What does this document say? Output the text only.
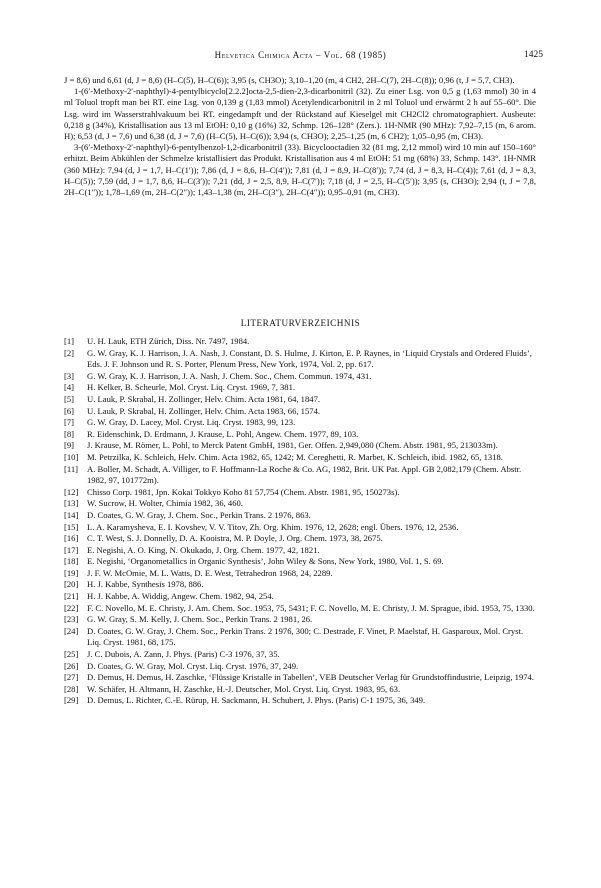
Helvetica Chimica Acta – Vol. 68 (1985)	1425

J = 8,6) und 6,61 (d, J = 8,6) (H–C(5), H–C(6)); 3,95 (s, CH3O); 3,10–1,20 (m, 4 CH2, 2H–C(7), 2H–C(8)); 0,96 (t, J = 5,7, CH3).

1-(6′-Methoxy-2′-naphthyl)-4-pentylbicyclo[2.2.2]octa-2,5-dien-2,3-dicarbonitril (32). Zu einer Lsg. von 0,5 g (1,63 mmol) 30 in 4 ml Toluol tropft man bei RT. eine Lsg. von 0,139 g (1,83 mmol) Acetylendicarbonitril in 2 ml Toluol und erwärmt 2 h auf 55–60°. Die Lsg. wird im Wasserstrahlvakuum bei RT. eingedampft und der Rückstand auf Kieselgel mit CH2Cl2 chromatographiert. Ausbeute: 0,218 g (34%), Kristallisation aus 13 ml EtOH: 0,10 g (16%) 32, Schmp. 126–128° (Zers.). 1H-NMR (90 MHz): 7,92–7,15 (m, 6 arom. H); 6,53 (d, J = 7,6) und 6,38 (d, J = 7,6) (H–C(5), H–C(6)); 3,94 (s, CH3O); 2,25–1,25 (m, 6 CH2); 1,05–0,95 (m, CH3).

3-(6′-Methoxy-2′-naphthyl)-6-pentylbenzol-1,2-dicarbonitril (33). Bicyclooctadien 32 (81 mg, 2,12 mmol) wird 10 min auf 150–160° erhitzt. Beim Abkühlen der Schmelze kristallisiert das Produkt. Kristallisation aus 4 ml EtOH: 51 mg (68%) 33, Schmp. 143°. 1H-NMR (360 MHz): 7,94 (d, J = 1,7, H–C(1′)); 7,86 (d, J = 8,6, H–C(4′)); 7,81 (d, J = 8,9, H–C(8′)); 7,74 (d, J = 8,3, H–C(4)); 7,61 (d, J = 8,3, H–C(5)); 7,59 (dd, J = 1,7, 8,6, H–C(3′)); 7,21 (dd, J = 2,5, 8,9, H–C(7′)); 7,18 (d, J = 2,5, H–C(5′)); 3,95 (s, CH3O); 2,94 (t, J = 7,8, 2H–C(1″)); 1,78–1,69 (m, 2H–C(2″)); 1,43–1,38 (m, 2H–C(3″), 2H–C(4″)); 0,95–0,91 (m, CH3).

LITERATURVERZEICHNIS
[1] U. H. Lauk, ETH Zürich, Diss. Nr. 7497, 1984.
[2] G. W. Gray, K. J. Harrison, J. A. Nash, J. Constant, D. S. Hulme, J. Kirton, E. P. Raynes, in ‘Liquid Crystals and Ordered Fluids’, Eds. J. F. Johnson und R. S. Porter, Plenum Press, New York, 1974, Vol. 2, pp. 617.
[3] G. W. Gray, K. J. Harrison, J. A. Nash, J. Chem. Soc., Chem. Commun. 1974, 431.
[4] H. Kelker, B. Scheurle, Mol. Cryst. Liq. Cryst. 1969, 7, 381.
[5] U. Lauk, P. Skrabal, H. Zollinger, Helv. Chim. Acta 1981, 64, 1847.
[6] U. Lauk, P. Skrabal, H. Zollinger, Helv. Chim. Acta 1983, 66, 1574.
[7] G. W. Gray, D. Lacey, Mol. Cryst. Liq. Cryst. 1983, 99, 123.
[8] R. Eidenschink, D. Erdmann, J. Krause, L. Pohl, Angew. Chem. 1977, 89, 103.
[9] J. Krause, M. Römer, L. Pohl, to Merck Patent GmbH, 1981, Ger. Offen. 2,949,080 (Chem. Abstr. 1981, 95, 213033m).
[10] M. Petrzilka, K. Schleich, Helv. Chim. Acta 1982, 65, 1242; M. Cereghetti, R. Marbet, K. Schleich, ibid. 1982, 65, 1318.
[11] A. Boller, M. Schadt, A. Villiger, to F. Hoffmann-La Roche & Co. AG, 1982, Brit. UK Pat. Appl. GB 2,082,179 (Chem. Abstr. 1982, 97, 101772m).
[12] Chisso Corp. 1981, Jpn. Kokai Tokkyo Koho 81 57,754 (Chem. Abstr. 1981, 95, 150273s).
[13] W. Sucrow, H. Wolter, Chimia 1982, 36, 460.
[14] D. Coates, G. W. Gray, J. Chem. Soc., Perkin Trans. 2 1976, 863.
[15] L. A. Karamysheva, E. I. Kovshev, V. V. Titov, Zh. Org. Khim. 1976, 12, 2628; engl. Übers. 1976, 12, 2536.
[16] C. T. West, S. J. Donnelly, D. A. Kooistra, M. P. Doyle, J. Org. Chem. 1973, 38, 2675.
[17] E. Negishi, A. O. King, N. Okukado, J. Org. Chem. 1977, 42, 1821.
[18] E. Negishi, ‘Organometallics in Organic Synthesis’, John Wiley & Sons, New York, 1980, Vol. 1, S. 69.
[19] J. F. W. McOmie, M. L. Watts, D. E. West, Tetrahedron 1968, 24, 2289.
[20] H. J. Kabbe, Synthesis 1978, 886.
[21] H. J. Kabbe, A. Widdig, Angew. Chem. 1982, 94, 254.
[22] F. C. Novello, M. E. Christy, J. Am. Chem. Soc. 1953, 75, 5431; F. C. Novello, M. E. Christy, J. M. Sprague, ibid. 1953, 75, 1330.
[23] G. W. Gray, S. M. Kelly, J. Chem. Soc., Perkin Trans. 2 1981, 26.
[24] D. Coates, G. W. Gray, J. Chem. Soc., Perkin Trans. 2 1976, 300; C. Destrade, F. Vinet, P. Maelstaf, H. Gasparoux, Mol. Cryst. Liq. Cryst. 1981, 68, 175.
[25] J. C. Dubois, A. Zann, J. Phys. (Paris) C-3 1976, 37, 35.
[26] D. Coates, G. W. Gray, Mol. Cryst. Liq. Cryst. 1976, 37, 249.
[27] D. Demus, H. Demus, H. Zaschke, ‘Flüssige Kristalle in Tabellen’, VEB Deutscher Verlag für Grundstoffindustrie, Leipzig, 1974.
[28] W. Schäfer, H. Altmann, H. Zaschke, H.-J. Deutscher, Mol. Cryst. Liq. Cryst. 1983, 95, 63.
[29] D. Demus, L. Richter, C.-E. Rürup, H. Sackmann, H. Schubert, J. Phys. (Paris) C-1 1975, 36, 349.
